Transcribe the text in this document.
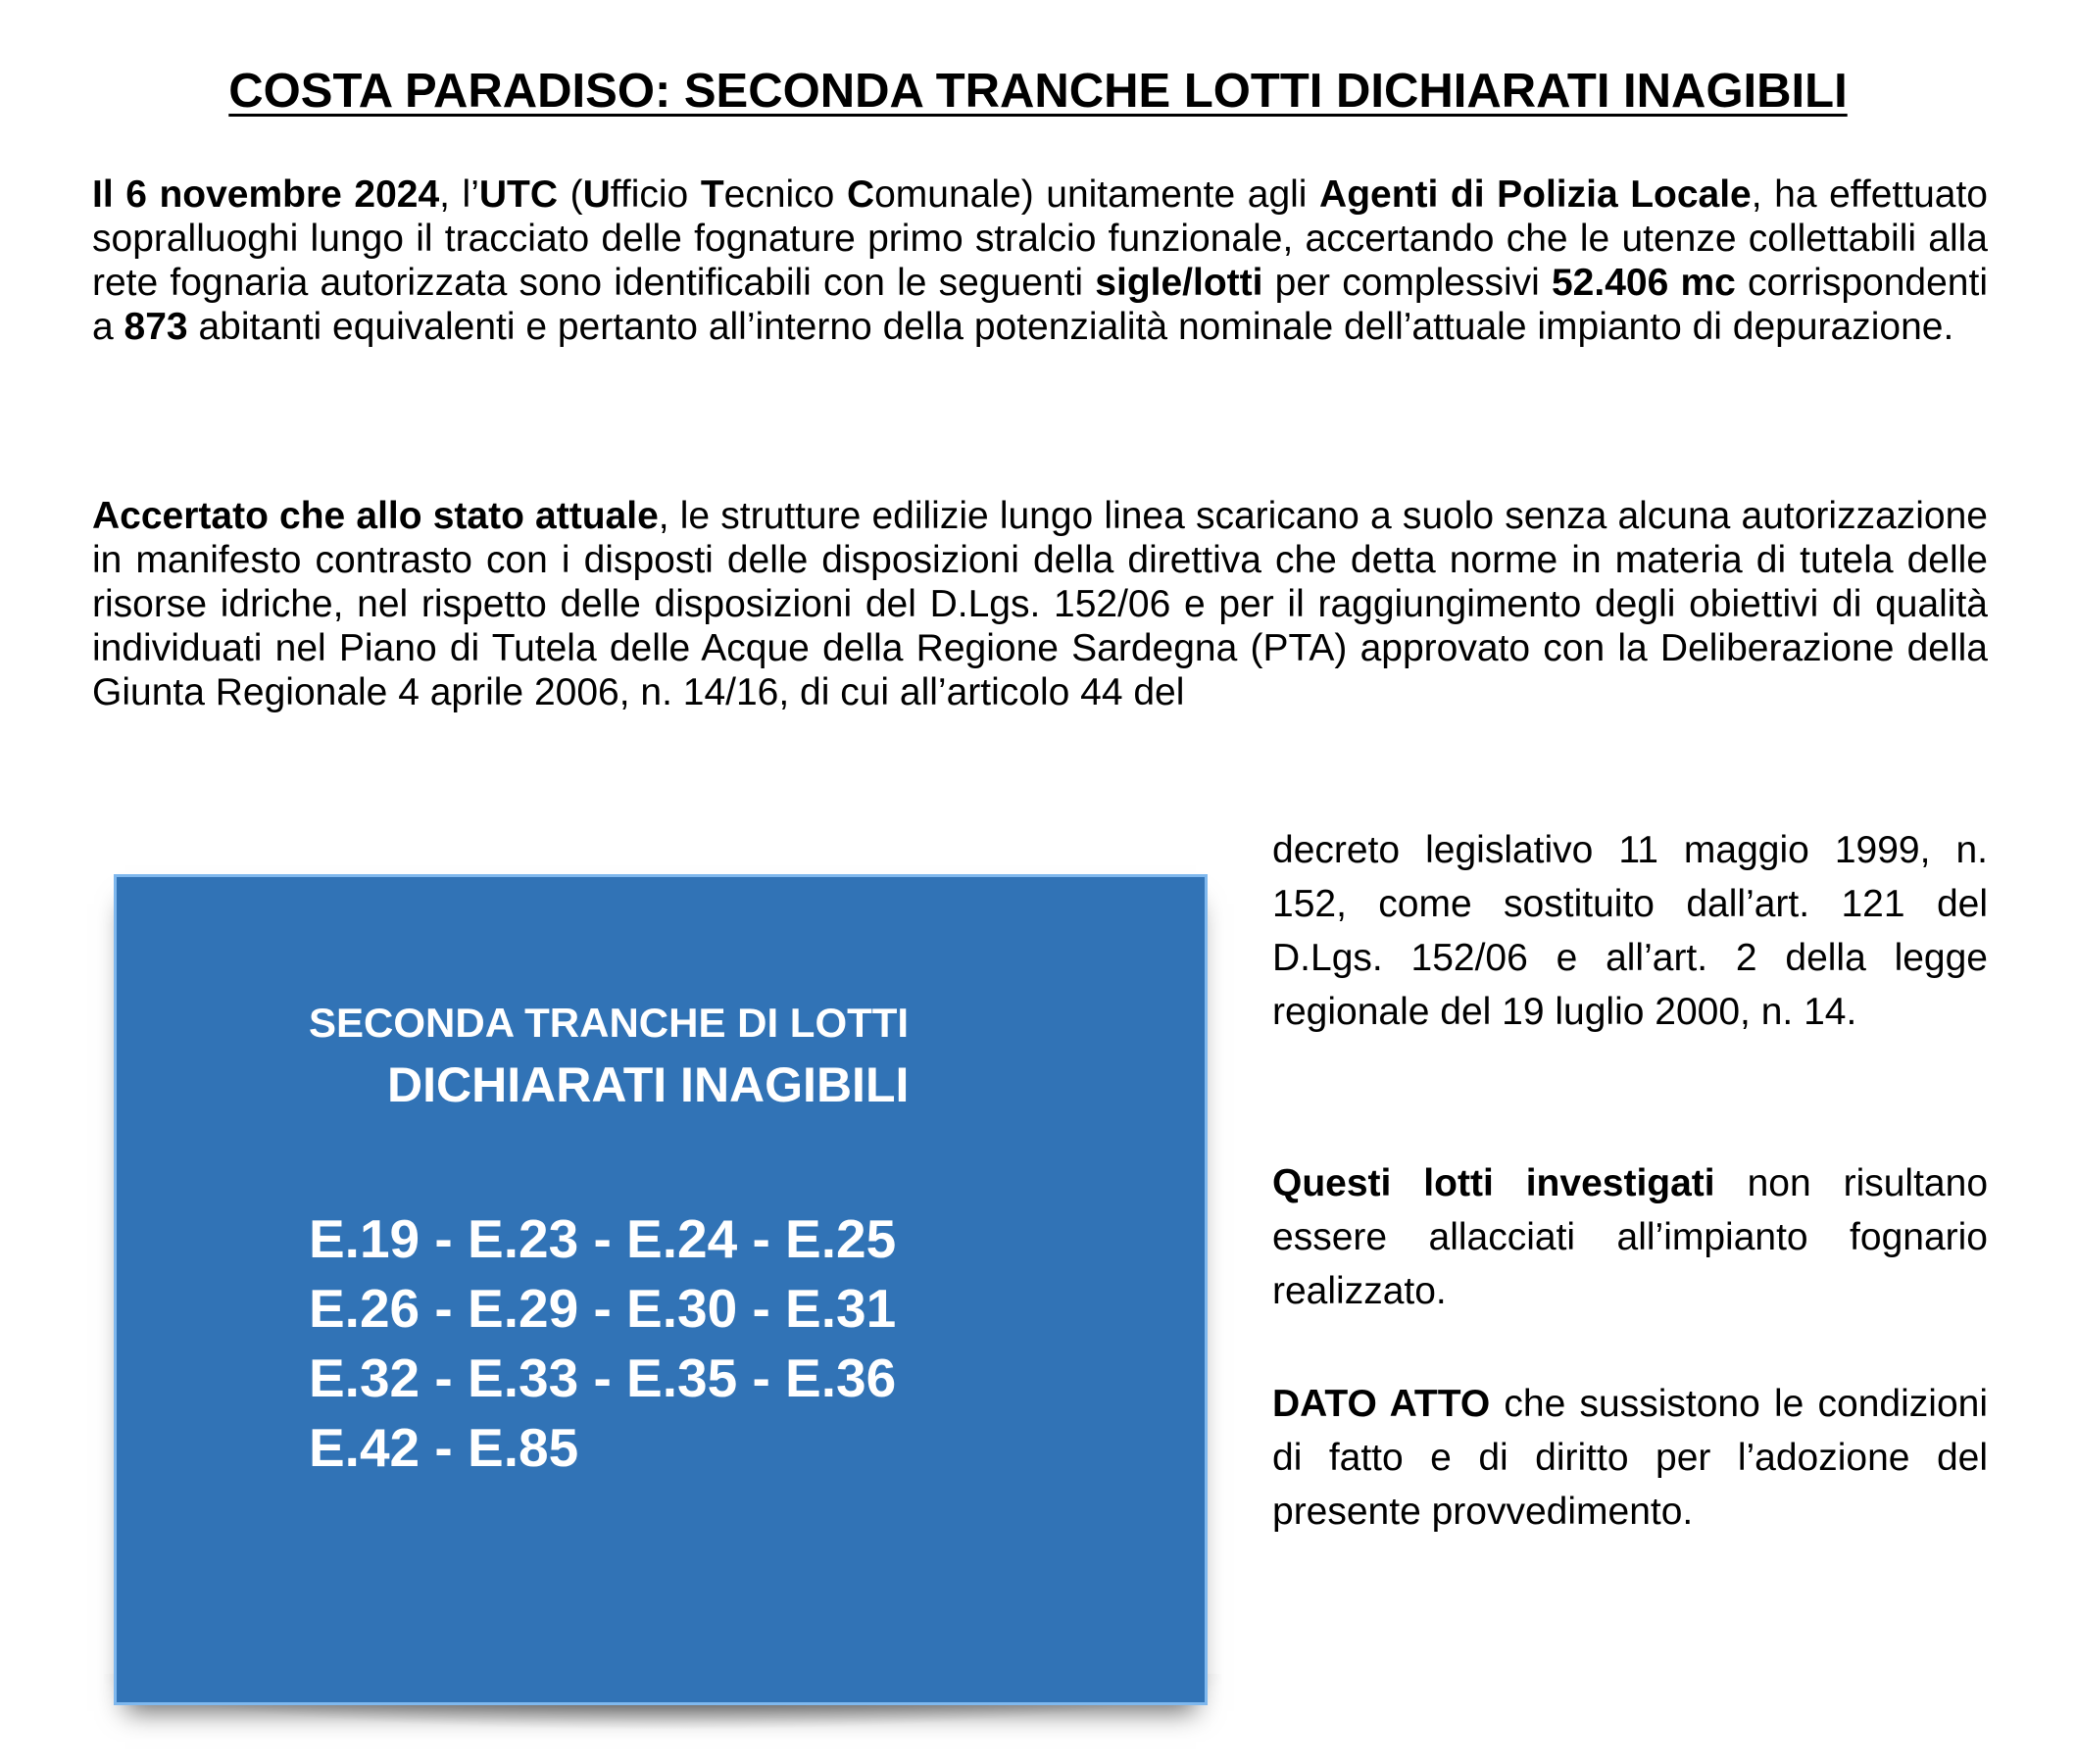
COSTA PARADISO: SECONDA TRANCHE LOTTI DICHIARATI INAGIBILI

Il 6 novembre 2024, l’UTC (Ufficio Tecnico Comunale) unitamente agli Agenti di Polizia Locale, ha effettuato sopralluoghi lungo il tracciato delle fognature primo stralcio funzionale, accertando che le utenze collettabili alla rete fognaria autorizzata sono identificabili con le seguenti sigle/lotti per complessivi 52.406 mc corrispondenti a 873 abitanti equivalenti e pertanto all’interno della potenzialità nominale dell’attuale impianto di depurazione.

Accertato che allo stato attuale, le strutture edilizie lungo linea scaricano a suolo senza alcuna autorizzazione in manifesto contrasto con i disposti delle disposizioni della direttiva che detta norme in materia di tutela delle risorse idriche, nel rispetto delle disposizioni del D.Lgs. 152/06 e per il raggiungimento degli obiettivi di qualità individuati nel Piano di Tutela delle Acque della Regione Sardegna (PTA) approvato con la Deliberazione della Giunta Regionale 4 aprile 2006, n. 14/16, di cui all’articolo 44 del

decreto legislativo 11 maggio 1999, n. 152, come sostituito dall’art. 121 del D.Lgs. 152/06 e all’art. 2 della legge regionale del 19 luglio 2000, n. 14.

Questi lotti investigati non risultano essere allacciati all’impianto fognario realizzato.

DATO ATTO che sussistono le condizioni di fatto e di diritto per l’adozione del presente provvedimento.

SECONDA TRANCHE DI LOTTI
DICHIARATI INAGIBILI
E.19 - E.23 - E.24 - E.25
E.26 - E.29 - E.30 - E.31
E.32 - E.33 - E.35 - E.36
E.42 - E.85
